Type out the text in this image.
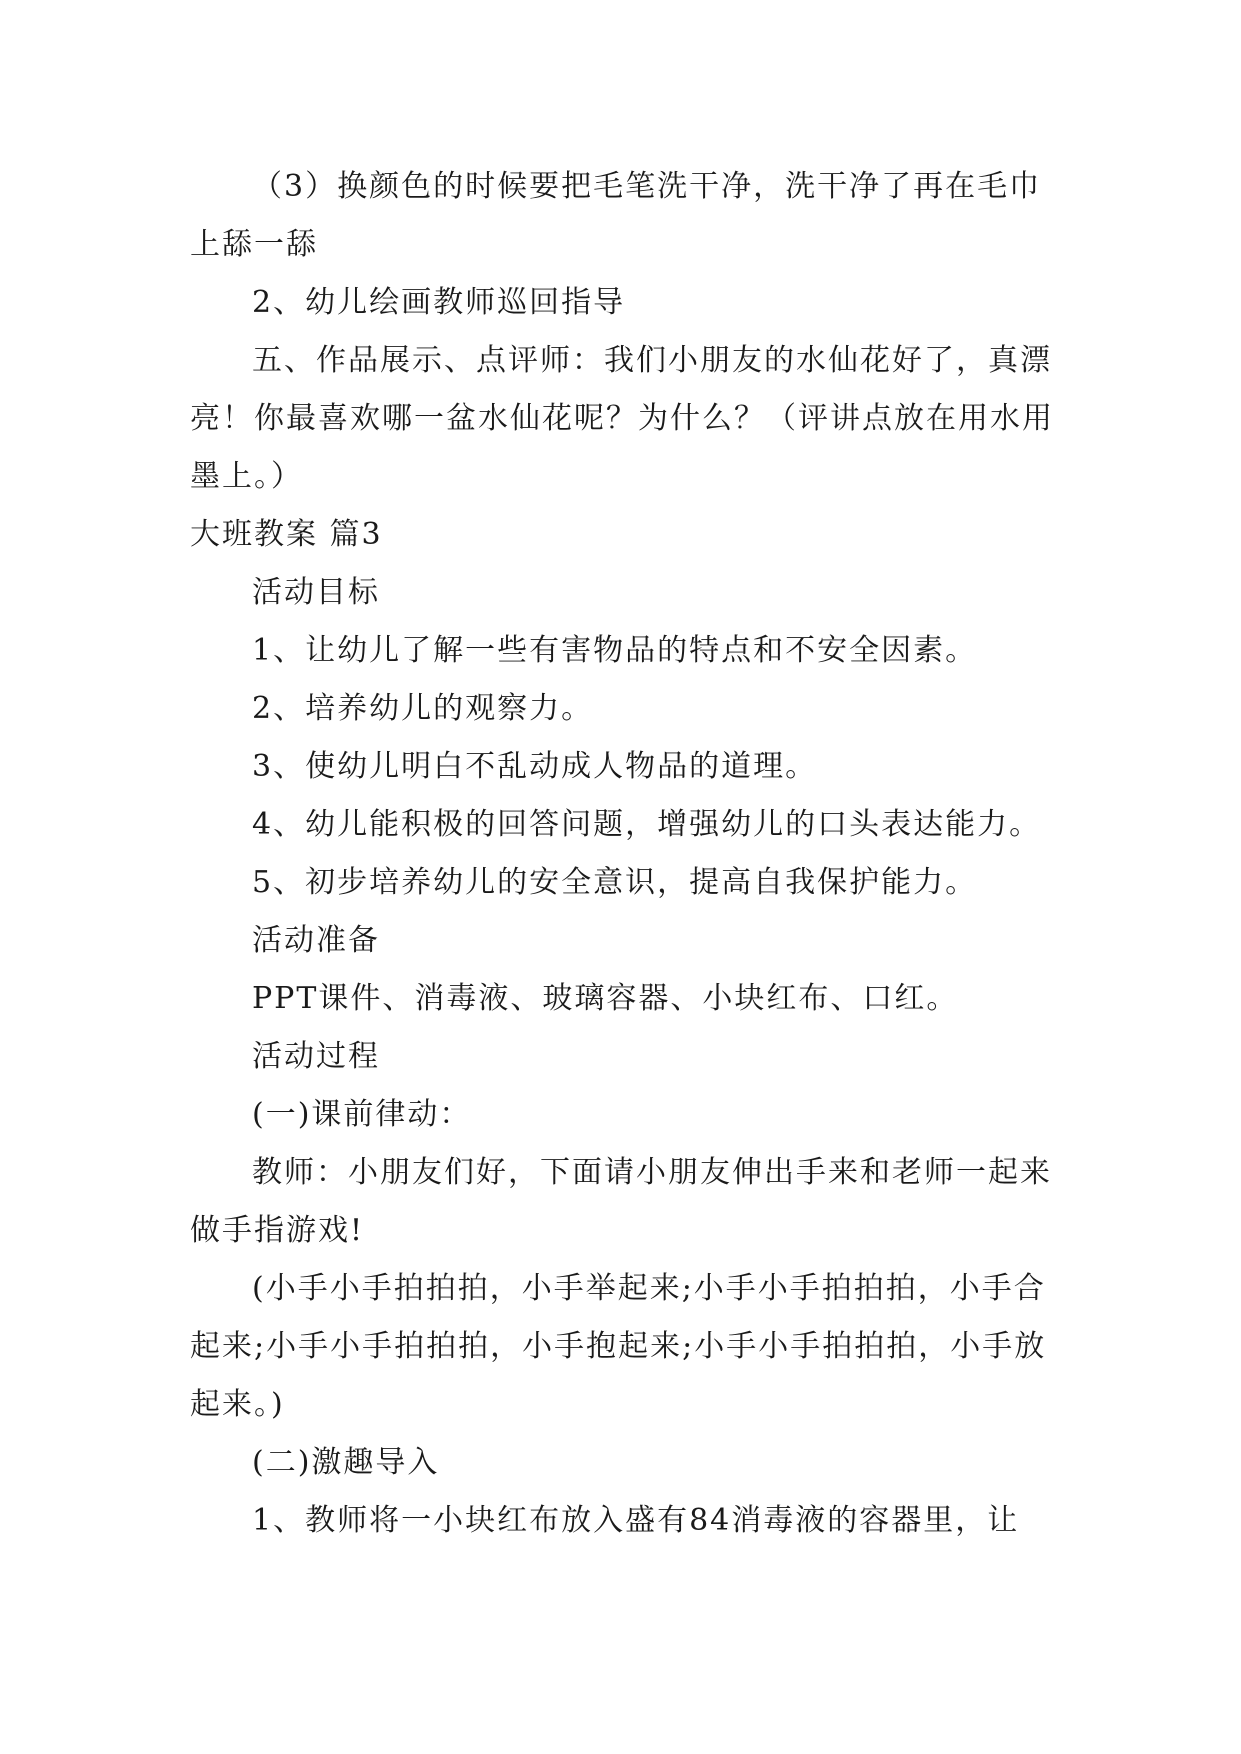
（3）换颜色的时候要把毛笔洗干净，洗干净了再在毛巾上舔一舔

2、幼儿绘画教师巡回指导

五、作品展示、点评师：我们小朋友的水仙花好了，真漂亮！你最喜欢哪一盆水仙花呢？为什么？（评讲点放在用水用墨上。）

大班教案 篇3

活动目标

1、让幼儿了解一些有害物品的特点和不安全因素。

2、培养幼儿的观察力。

3、使幼儿明白不乱动成人物品的道理。

4、幼儿能积极的回答问题，增强幼儿的口头表达能力。

5、初步培养幼儿的安全意识，提高自我保护能力。

活动准备

PPT课件、消毒液、玻璃容器、小块红布、口红。

活动过程

(一)课前律动：

教师：小朋友们好，下面请小朋友伸出手来和老师一起来做手指游戏!

(小手小手拍拍拍，小手举起来;小手小手拍拍拍，小手合起来;小手小手拍拍拍，小手抱起来;小手小手拍拍拍，小手放起来。)

(二)激趣导入

1、教师将一小块红布放入盛有84消毒液的容器里，让
